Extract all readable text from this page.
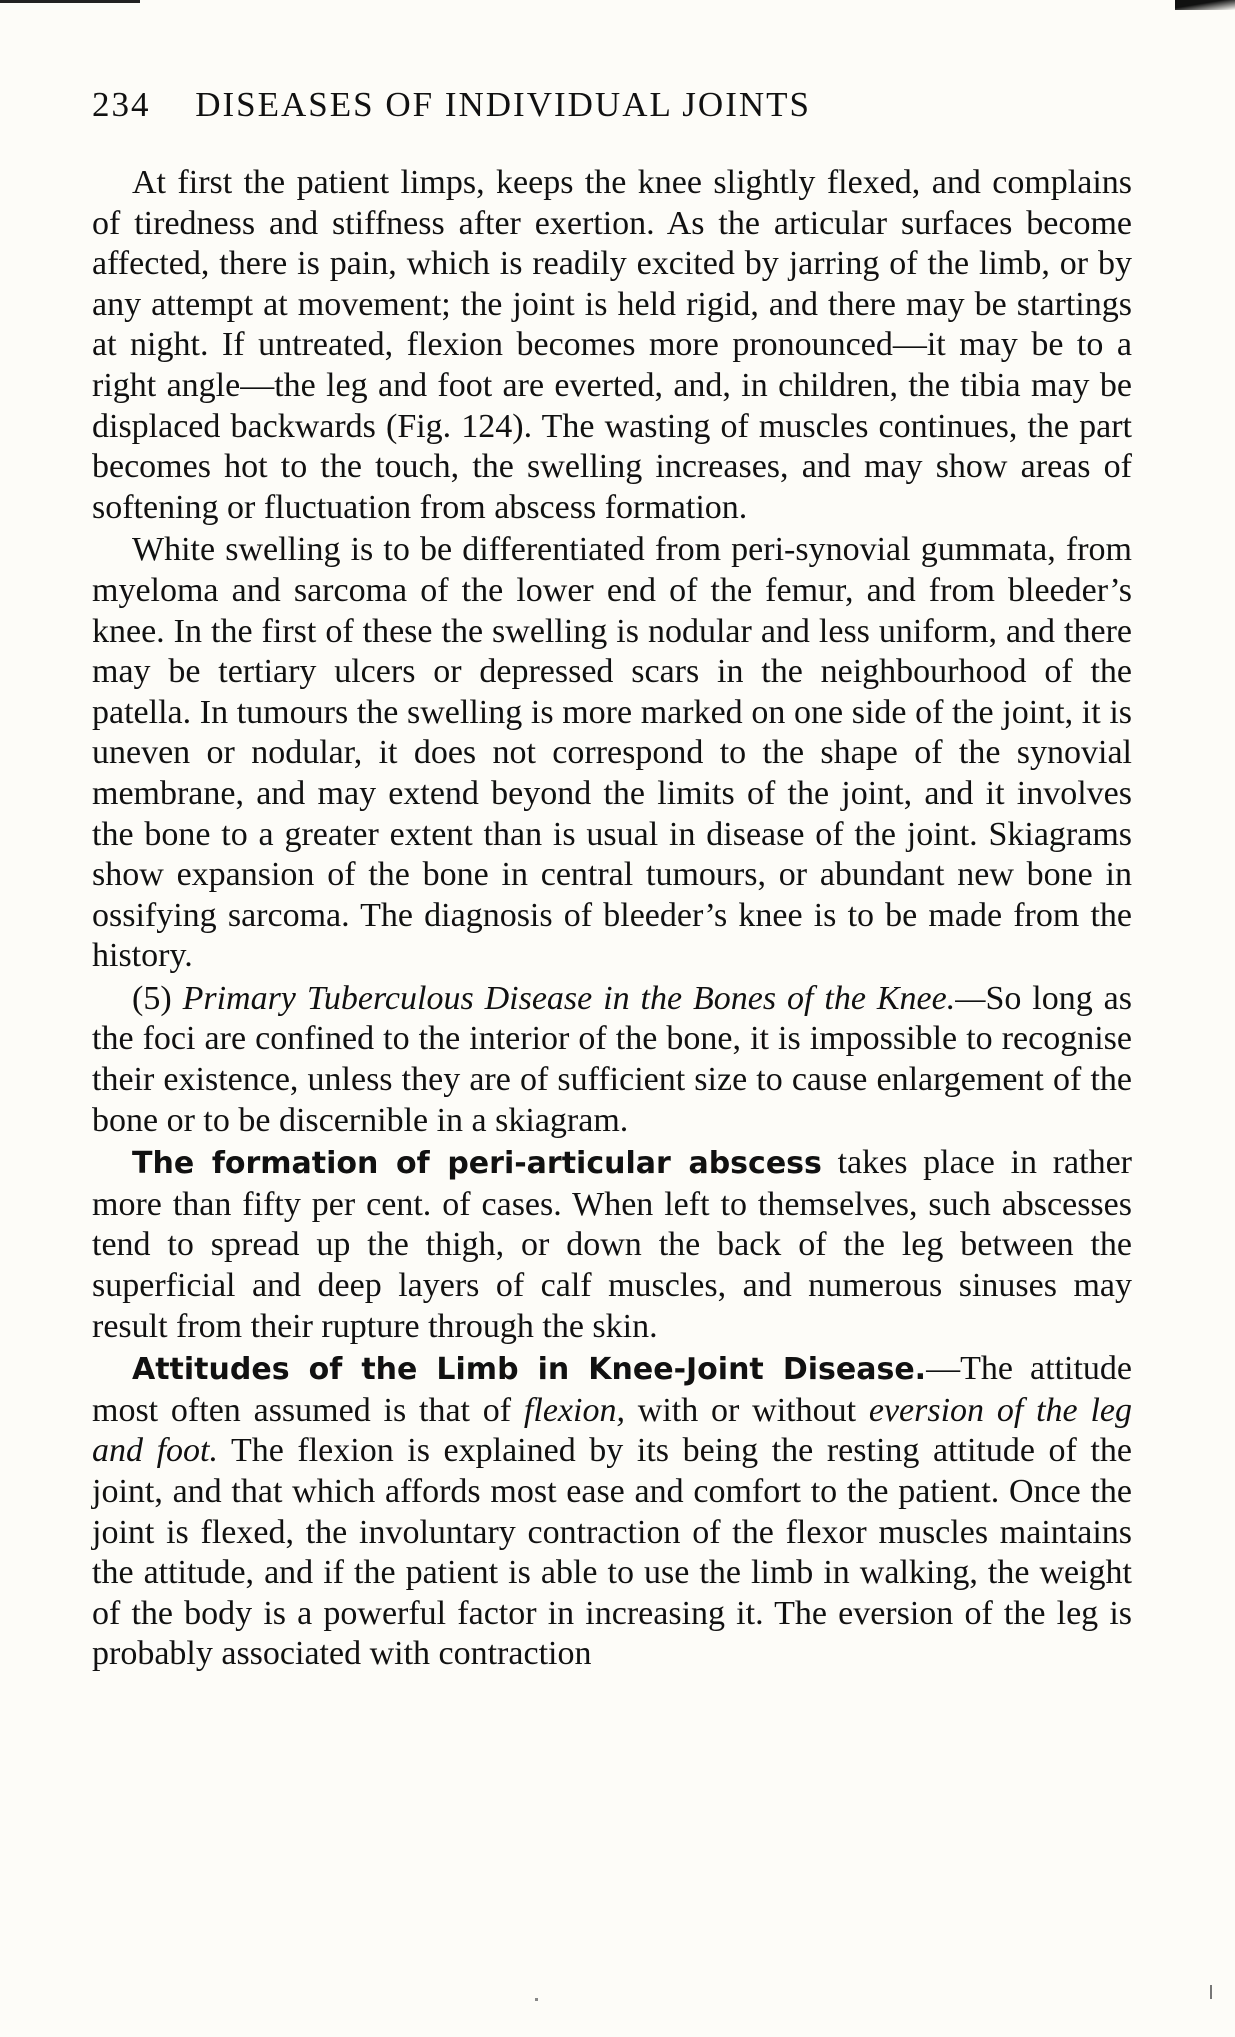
234 DISEASES OF INDIVIDUAL JOINTS

At first the patient limps, keeps the knee slightly flexed, and complains of tiredness and stiffness after exertion. As the articular surfaces become affected, there is pain, which is readily excited by jarring of the limb, or by any attempt at movement; the joint is held rigid, and there may be startings at night. If untreated, flexion becomes more pronounced—it may be to a right angle—the leg and foot are everted, and, in children, the tibia may be displaced backwards (Fig. 124). The wasting of muscles continues, the part becomes hot to the touch, the swelling increases, and may show areas of softening or fluctuation from abscess formation.

White swelling is to be differentiated from peri-synovial gummata, from myeloma and sarcoma of the lower end of the femur, and from bleeder’s knee. In the first of these the swelling is nodular and less uniform, and there may be tertiary ulcers or depressed scars in the neighbourhood of the patella. In tumours the swelling is more marked on one side of the joint, it is uneven or nodular, it does not correspond to the shape of the synovial membrane, and may extend beyond the limits of the joint, and it involves the bone to a greater extent than is usual in disease of the joint. Skiagrams show expansion of the bone in central tumours, or abundant new bone in ossifying sarcoma. The diagnosis of bleeder’s knee is to be made from the history.

(5) Primary Tuberculous Disease in the Bones of the Knee.—So long as the foci are confined to the interior of the bone, it is impossible to recognise their existence, unless they are of sufficient size to cause enlargement of the bone or to be discernible in a skiagram.

The formation of peri-articular abscess takes place in rather more than fifty per cent. of cases. When left to themselves, such abscesses tend to spread up the thigh, or down the back of the leg between the superficial and deep layers of calf muscles, and numerous sinuses may result from their rupture through the skin.

Attitudes of the Limb in Knee-Joint Disease.—The attitude most often assumed is that of flexion, with or without eversion of the leg and foot. The flexion is explained by its being the resting attitude of the joint, and that which affords most ease and comfort to the patient. Once the joint is flexed, the involuntary contraction of the flexor muscles maintains the attitude, and if the patient is able to use the limb in walking, the weight of the body is a powerful factor in increasing it. The eversion of the leg is probably associated with contraction
